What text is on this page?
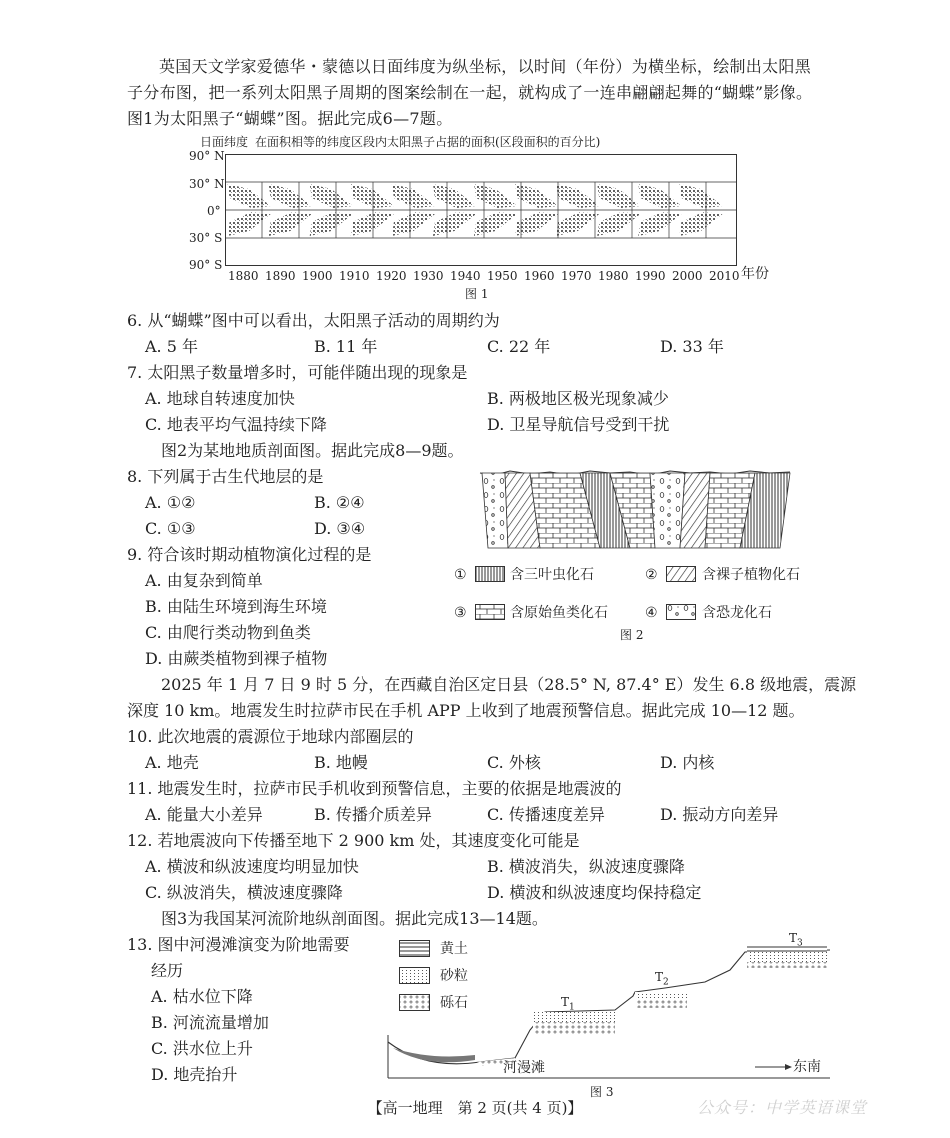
英国天文学家爱德华・蒙德以日面纬度为纵坐标，以时间（年份）为横坐标，绘制出太阳黑子分布图，把一系列太阳黑子周期的图案绘制在一起，就构成了一连串翩翩起舞的“蝴蝶”影像。图1为太阳黑子“蝴蝶”图。据此完成6—7题。
日面纬度 在面积相等的纬度区段内太阳黑子占据的面积(区段面积的百分比)
90° N
30° N
0°
30° S
90° S
1880 1890 1900 1910 1920 1930 1940 1950 1960 1970 1980 1990 2000 2010 年份
图 1
6. 从“蝴蝶”图中可以看出，太阳黑子活动的周期约为
A. 5 年	B. 11 年	C. 22 年	D. 33 年
7. 太阳黑子数量增多时，可能伴随出现的现象是
A. 地球自转速度加快	B. 两极地区极光现象减少
C. 地表平均气温持续下降	D. 卫星导航信号受到干扰
图2为某地地质剖面图。据此完成8—9题。
8. 下列属于古生代地层的是
A. ①②	B. ②④
C. ①③	D. ③④
9. 符合该时期动植物演化过程的是
A. 由复杂到简单
B. 由陆生环境到海生环境
C. 由爬行类动物到鱼类
D. 由蕨类植物到裸子植物
①	含三叶虫化石	②	含裸子植物化石
③	含原始鱼类化石	④	含恐龙化石
图 2
2025 年 1 月 7 日 9 时 5 分，在西藏自治区定日县（28.5° N, 87.4° E）发生 6.8 级地震，震源
深度 10 km。地震发生时拉萨市民在手机 APP 上收到了地震预警信息。据此完成 10—12 题。
10. 此次地震的震源位于地球内部圈层的
A. 地壳	B. 地幔	C. 外核	D. 内核
11. 地震发生时，拉萨市民手机收到预警信息，主要的依据是地震波的
A. 能量大小差异	B. 传播介质差异	C. 传播速度差异	D. 振动方向差异
12. 若地震波向下传播至地下 2 900 km 处，其速度变化可能是
A. 横波和纵波速度均明显加快	B. 横波消失，纵波速度骤降
C. 纵波消失，横波速度骤降	D. 横波和纵波速度均保持稳定
图3为我国某河流阶地纵剖面图。据此完成13—14题。
13. 图中河漫滩演变为阶地需要
经历
A. 枯水位下降
B. 河流流量增加
C. 洪水位上升
D. 地壳抬升
黄土
砂粒
砾石	$T_1$
$T_2$
$T_3$
河漫滩	东南
图 3
【高一地理　第 2 页(共 4 页)】	公众号：中学英语课堂
